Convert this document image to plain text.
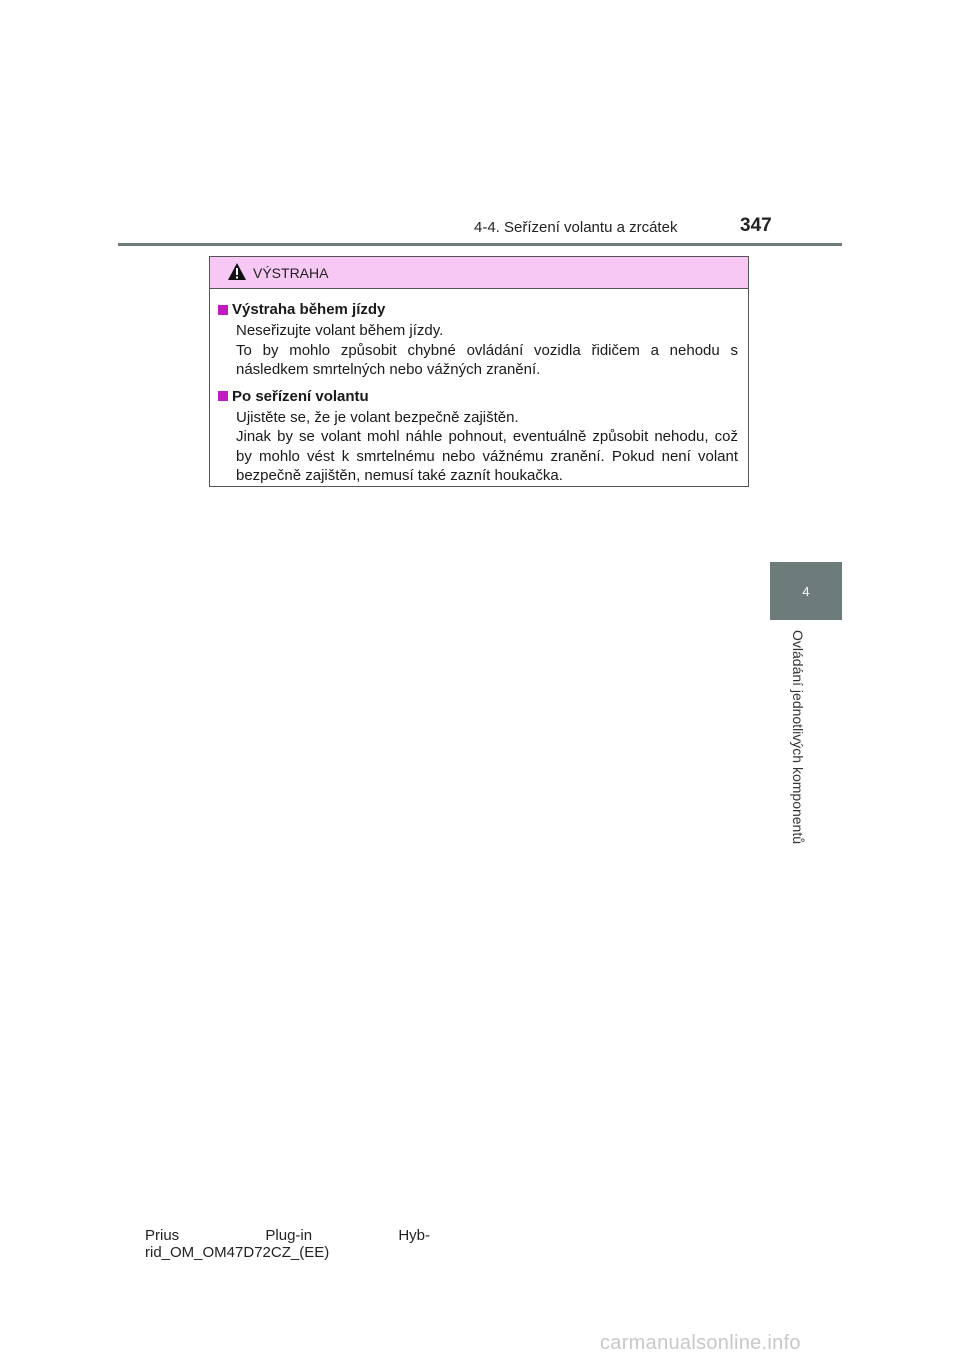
4-4. Seřízení volantu a zrcátek	347
VÝSTRAHA
Výstraha během jízdy

Neseřizujte volant během jízdy.

To by mohlo způsobit chybné ovládání vozidla řidičem a nehodu s následkem smrtelných nebo vážných zranění.

Po seřízení volantu

Ujistěte se, že je volant bezpečně zajištěn.

Jinak by se volant mohl náhle pohnout, eventuálně způsobit nehodu, což by mohlo vést k smrtelnému nebo vážnému zranění. Pokud není volant bezpečně zajištěn, nemusí také zaznít houkačka.

4
Ovládání jednotlivých komponentů
Prius	Plug-in	Hyb-
rid_OM_OM47D72CZ_(EE)
carmanualsonline.info
